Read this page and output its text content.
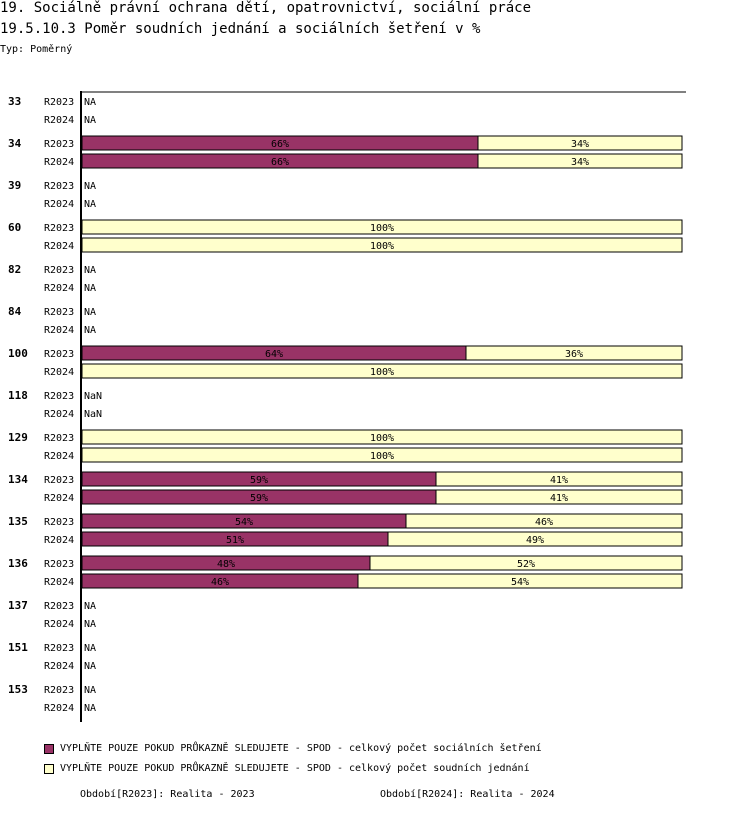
19. Sociálně právní ochrana dětí, opatrovnictví, sociální práce
19.5.10.3 Poměr soudních jednání a sociálních šetření v %
Typ: Poměrný
33 R2023 NA
R2024 NA
34 R2023	66%	34%
R2024	66%	34%
39 R2023 NA
R2024 NA
60 R2023	100%
R2024	100%
82 R2023 NA
R2024 NA
84 R2023 NA
R2024 NA
100 R2023	64%	36%
R2024	100%
118 R2023 NaN
R2024 NaN
129 R2023	100%
R2024	100%
134 R2023	59%	41%
R2024	59%	41%
135 R2023	54%	46%
R2024	51%	49%
136 R2023	48%	52%
R2024	46%	54%
137 R2023 NA
R2024 NA
151 R2023 NA
R2024 NA
153 R2023 NA
R2024 NA
VYPLŇTE POUZE POKUD PRŮKAZNĚ SLEDUJETE - SPOD - celkový počet sociálních šetření
VYPLŇTE POUZE POKUD PRŮKAZNĚ SLEDUJETE - SPOD - celkový počet soudních jednání
Období[R2023]: Realita - 2023	Období[R2024]: Realita - 2024
